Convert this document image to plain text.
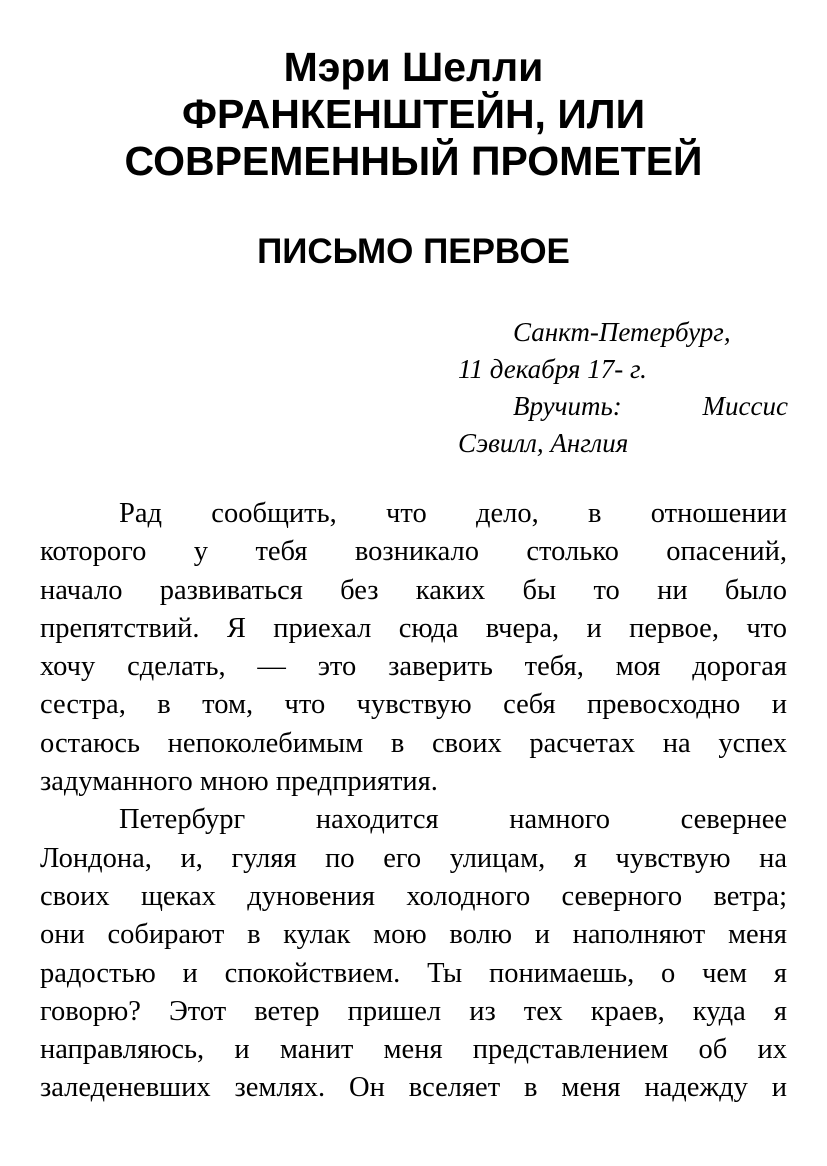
Мэри Шелли
ФРАНКЕНШТЕЙН, ИЛИ
СОВРЕМЕННЫЙ ПРОМЕТЕЙ
ПИСЬМО ПЕРВОЕ
Санкт-Петербург,
11 декабря 17- г.
Вручить:	Миссис
Сэвилл, Англия
Рад сообщить, что дело, в отношении
которого у тебя возникало столько опасений,
начало развиваться без каких бы то ни было
препятствий. Я приехал сюда вчера, и первое, что
хочу сделать, — это заверить тебя, моя дорогая
сестра, в том, что чувствую себя превосходно и
остаюсь непоколебимым в своих расчетах на успех
задуманного мною предприятия.
Петербург находится намного севернее
Лондона, и, гуляя по его улицам, я чувствую на
своих щеках дуновения холодного северного ветра;
они собирают в кулак мою волю и наполняют меня
радостью и спокойствием. Ты понимаешь, о чем я
говорю? Этот ветер пришел из тех краев, куда я
направляюсь, и манит меня представлением об их
заледеневших землях. Он вселяет в меня надежду и
